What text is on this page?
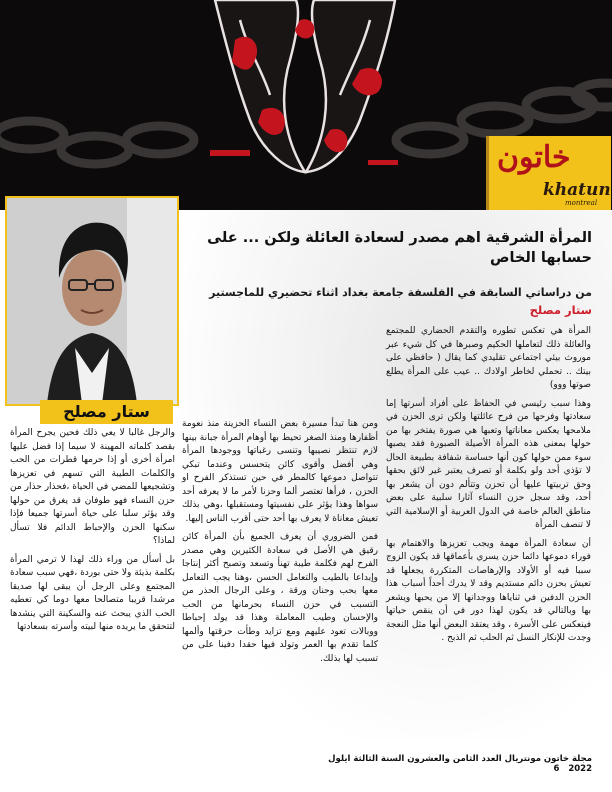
خاتون
khatun
montreal
ستار مصلح
المرأة الشرقية اهم مصدر لسعادة العائلة ولكن ... على حسابها الخاص
من دراساتي السابقة في الفلسفة جامعة بغداد اثناء تحضيري للماجستير
ستار مصلح

المرأة هي تعكس تطوره والتقدم الحضاري للمجتمع والعائلة ذلك لتعاملها الحكيم وصبرها في كل شيء عبر موروث بيئي اجتماعي تقليدي كما يقال ( حافظي على بيتك .. تحملي لخاطر اولادك .. عيب على المرأة يطلع صوتها ووو)

وهذا سبب رئيسي في الحفاظ على أفراد أسرتها إما سعادتها وفرحها من فرح عائلتها ولكن ترى الحزن في ملامحها يعكس معاناتها وتعبها هي صورة يفتخر بها من حولها بمعنى هذه المرأة الأصيلة الصبورة فقد يصبها سوء ممن حولها كون أنها حساسة شفافة بطبيعة الحال لا تؤذي أحد ولو بكلمة أو تصرف يعتبر غير لائق بحقها وحق تربيتها عليها أن تحزن وتتألم دون أن يشعر بها أحد، وقد سجل حزن النساء آثارا سلبية على بعض مناطق العالم خاصة في الدول العربية أو الإسلامية التي لا تنصف المرأة

أن سعادة المرأة مهمة ويجب تعزيزها والاهتمام بها فوراء دموعها دائما حزن يسري بأعماقها قد يكون الزوج سببا فيه أو الأولاد والإرهاصات المتكررة يجعلها قد تعيش بحزن دائم مستديم وقد لا يدرك أحداً أسباب هذا الحزن الدفين في ثناياها ووجدانها إلا من يحبها ويشعر بها وبالتالي قد يكون لهذا دور في أن ينقص حياتها فينعكس على الأسرة ، وقد يعتقد البعض أنها مثل النعجة وجدت للإنكار النسل ثم الحلب ثم الذبح .

ومن هنا تبدأ مسيرة بعض النساء الحزينة منذ نعومة أظفارها ومنذ الصغر تحيط بها أوهام المرأة جبانة بينها لازم تنتظر نصيبها وتنسى رغباتها ووجودها المرأة وهي أفضل وأقوى كائن يتحسس وعندما تبكي تتواصل دموعها كالمطر في حين تستذكر الفرح او الحزن ، فرأها تعتصر ألما وحزنا لأمر ما لا يعرفه أحد سواها وهذا يؤثر على نفسيتها ومستقبلها ،وهي بذلك تعيش معاناة لا يعرف بها أحد حتى أقرب الناس إليها.

فمن الضروري أن يعرف الجميع بأن المرأة كائن رقيق هي الأصل في سعادة الكثيرين وهي مصدر الفرح لهم فكلمة طيبة تهنأ وتسعد وتصبح أكثر إنتاجا وإبداعا بالطيب والتعامل الحسن ،وهنا يجب التعامل معها بحب وحنان ورقة ، وعلى الرجال الحذر من التسبب في حزن النساء بحرمانها من الحب والإحسان وطيب المعاملة وهذا قد يولد إحباطا ووبالات تعود عليهم ومع تزايد وطأت حرقتها وألمها كلما تقدم بها العمر وتولد فيها حقدا دفينا على من تسبب لها بذلك.

والرجل غالبا لا يعي ذلك فحين يجرح المرأة بقصد كلماته المهينة لا سيما إذا فضل عليها امرأة أخرى أو إذا حرمها قطرات من الحب والكلمات الطيبة التي تسهم في تعزيزها وتشجيعها للمضي في الحياة ،فحذار حذار من حزن النساء فهو طوفان قد يغرق من حولها وقد يؤثر سلبا على حياة أسرتها جميعا فإذا سكنها الحزن والإحباط الدائم فلا تسأل لماذا؟

بل أسأل من وراء ذلك لهذا لا ترمي المرأة بكلمة بذيئة ولا حتى بوردة ،فهي سبب سعادة المجتمع وعلى الرجل أن يبقى لها صديقا مرشدا قريبا متصالحا معها دوما كي تعطيه الحب الذي يبحث عنه والسكينة التي ينشدها لتتحقق ما يريده منها لبيته وأسرته بسعادتها

مجلة خاتون مونتريال العدد الثامن والعشرون السنة الثالثة ايلول 2022   6
